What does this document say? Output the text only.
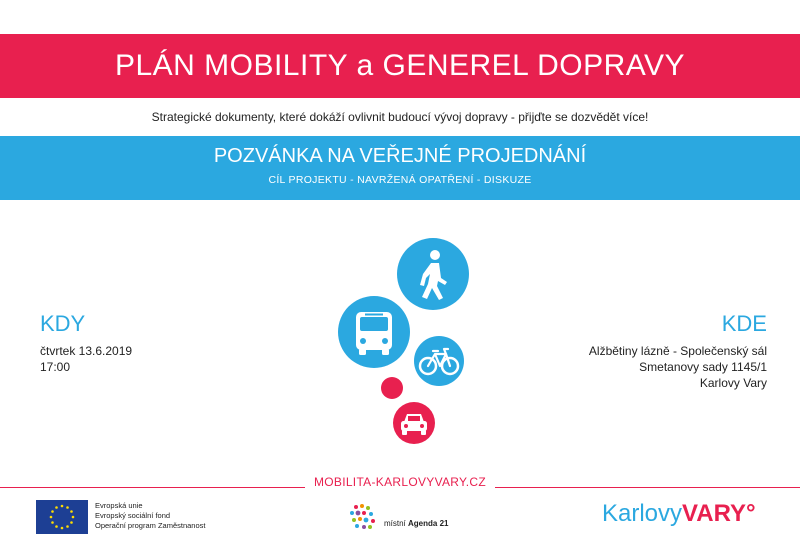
PLÁN MOBILITY a GENEREL DOPRAVY
Strategické dokumenty, které dokáží ovlivnit budoucí vývoj dopravy - přijďte se dozvědět více!
POZVÁNKA NA VEŘEJNÉ PROJEDNÁNÍ
CÍL PROJEKTU - NAVRŽENÁ OPATŘENÍ - DISKUZE
KDY
čtvrtek 13.6.2019
17:00
KDE
Alžbětiny lázně - Společenský sál
Smetanovy sady 1145/1
Karlovy Vary
MOBILITA-KARLOVYVARY.CZ
Evropská unie
Evropský sociální fond
Operační program Zaměstnanost	místní Agenda 21	KarlovyVARY°
